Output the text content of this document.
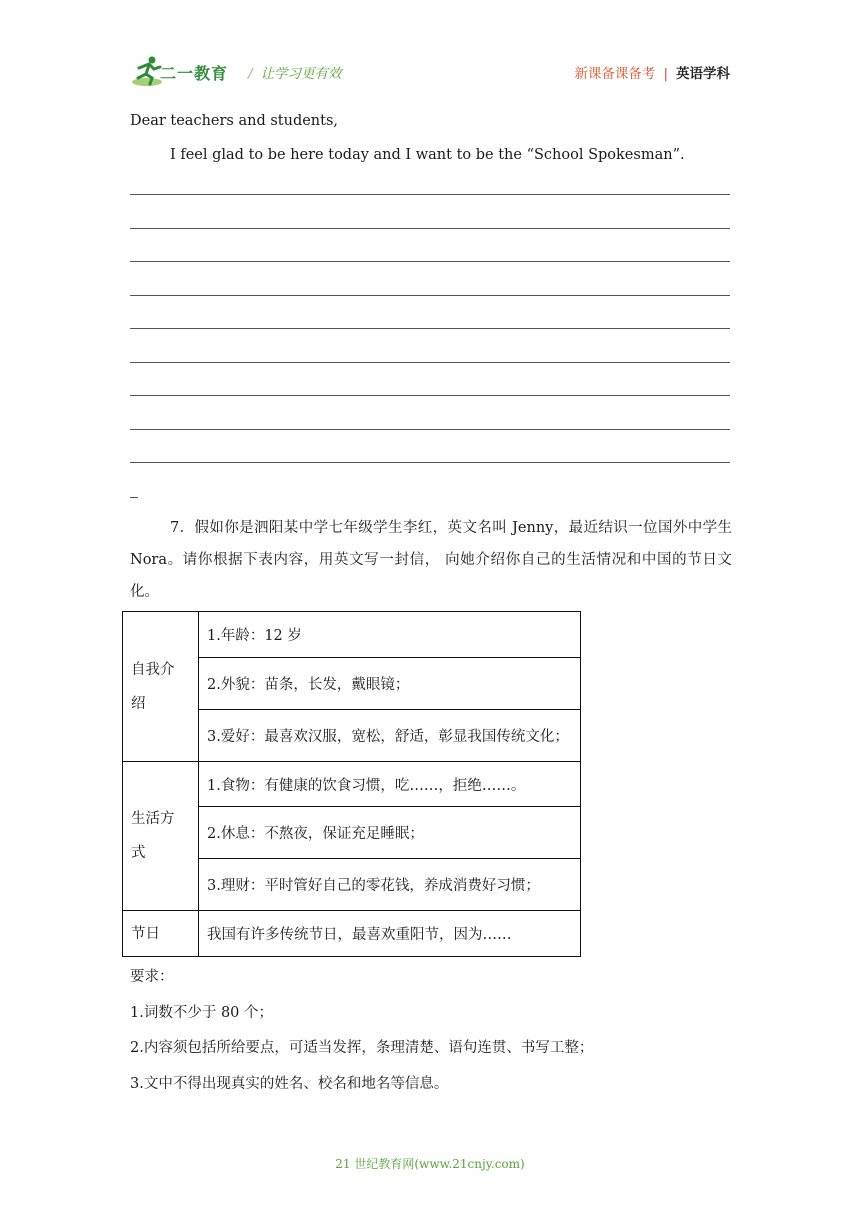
二一教育 / 让学习更有效	新课备课备考 | 英语学科
Dear teachers and students,
I feel glad to be here today and I want to be the “School Spokesman”.
7．假如你是泗阳某中学七年级学生李红，英文名叫 Jenny，最近结识一位国外中学生 Nora。请你根据下表内容，用英文写一封信， 向她介绍你自己的生活情况和中国的节日文化。
自我介
绍	1.年龄：12 岁
	2.外貌：苗条，长发，戴眼镜；
	3.爱好：最喜欢汉服，宽松，舒适，彰显我国传统文化；

生活方
式	1.食物：有健康的饮食习惯，吃……，拒绝……。
	2.休息：不熬夜，保证充足睡眠；
	3.理财：平时管好自己的零花钱，养成消费好习惯；
节日	我国有许多传统节日，最喜欢重阳节，因为……
要求：
1.词数不少于 80 个；
2.内容须包括所给要点，可适当发挥，条理清楚、语句连贯、书写工整；
3.文中不得出现真实的姓名、校名和地名等信息。
21 世纪教育网(www.21cnjy.com)
